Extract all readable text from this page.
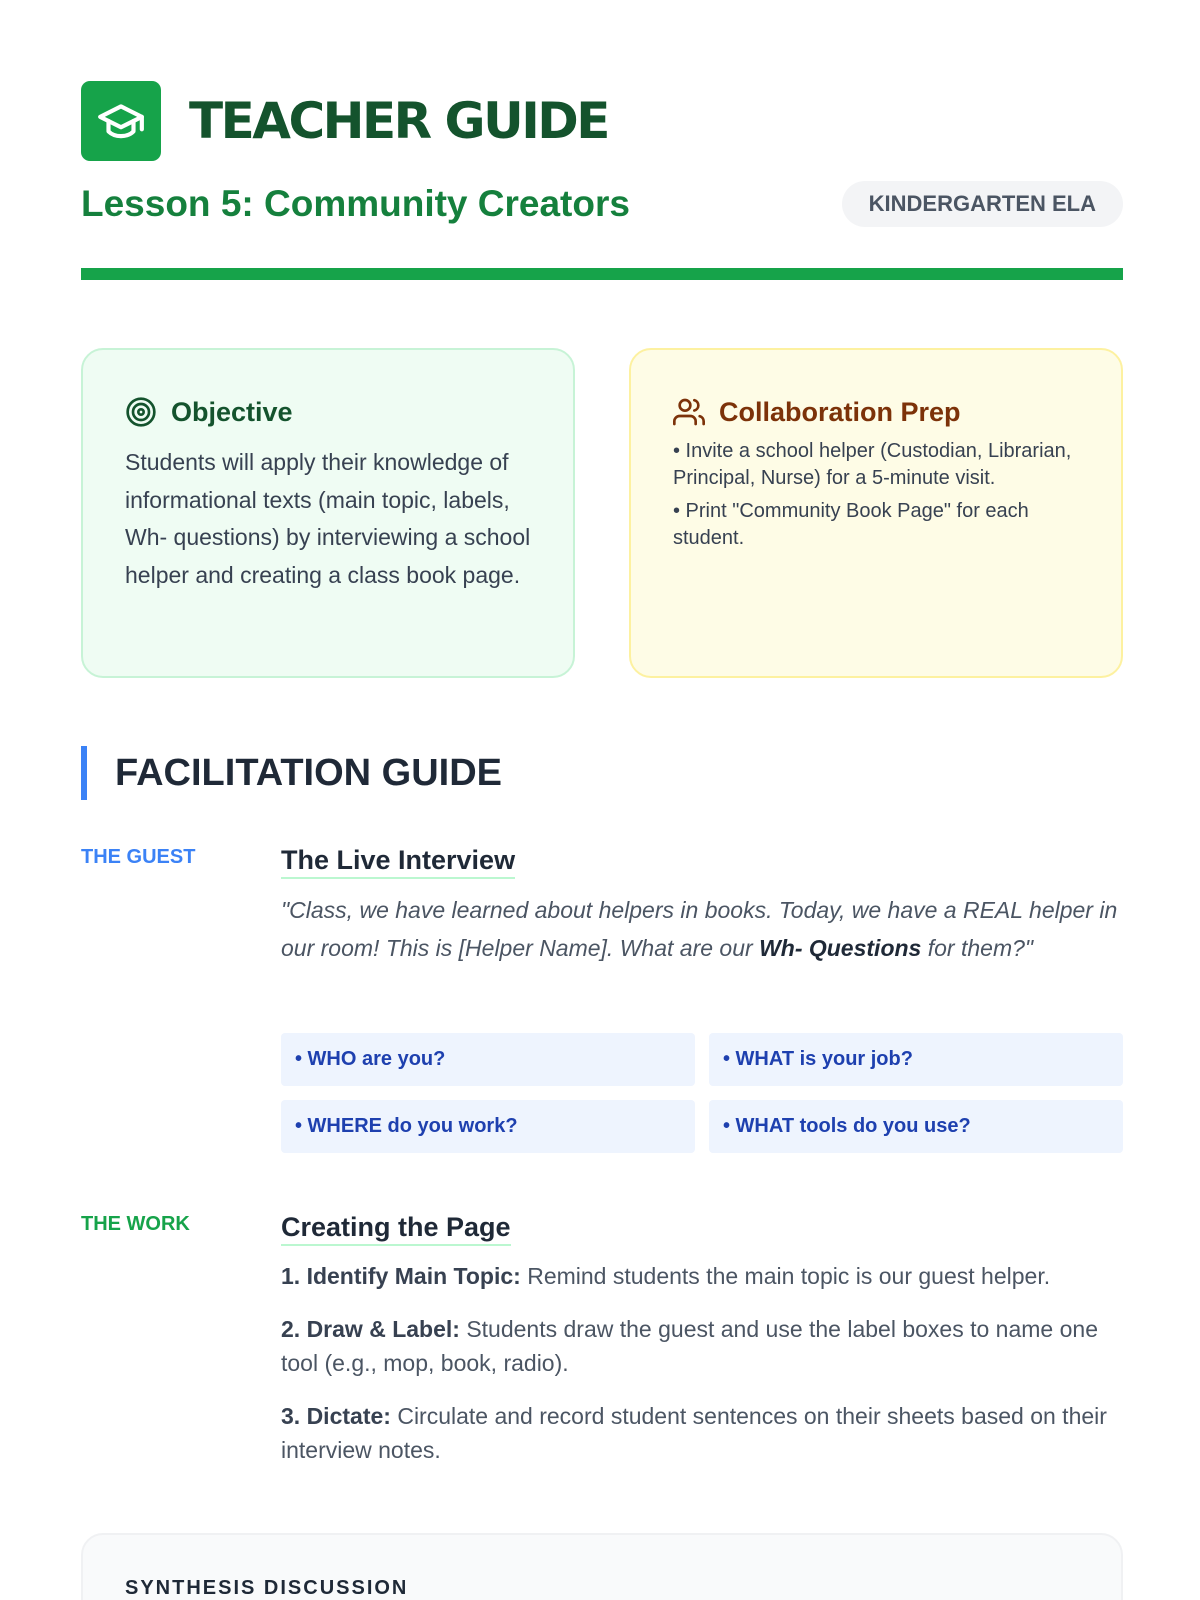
TEACHER GUIDE
Lesson 5: Community Creators	KINDERGARTEN ELA
Objective

Students will apply their knowledge of informational texts (main topic, labels, Wh- questions) by interviewing a school helper and creating a class book page.

Collaboration Prep
• Invite a school helper (Custodian, Librarian, Principal, Nurse) for a 5-minute visit.
• Print "Community Book Page" for each student.
FACILITATION GUIDE
THE GUEST	The Live Interview

"Class, we have learned about helpers in books. Today, we have a REAL helper in our room! This is [Helper Name]. What are our Wh- Questions for them?"

• WHO are you?	• WHAT is your job?
• WHERE do you work?	• WHAT tools do you use?
THE WORK	Creating the Page

1. Identify Main Topic: Remind students the main topic is our guest helper.

2. Draw & Label: Students draw the guest and use the label boxes to name one tool (e.g., mop, book, radio).

3. Dictate: Circulate and record student sentences on their sheets based on their interview notes.

SYNTHESIS DISCUSSION
